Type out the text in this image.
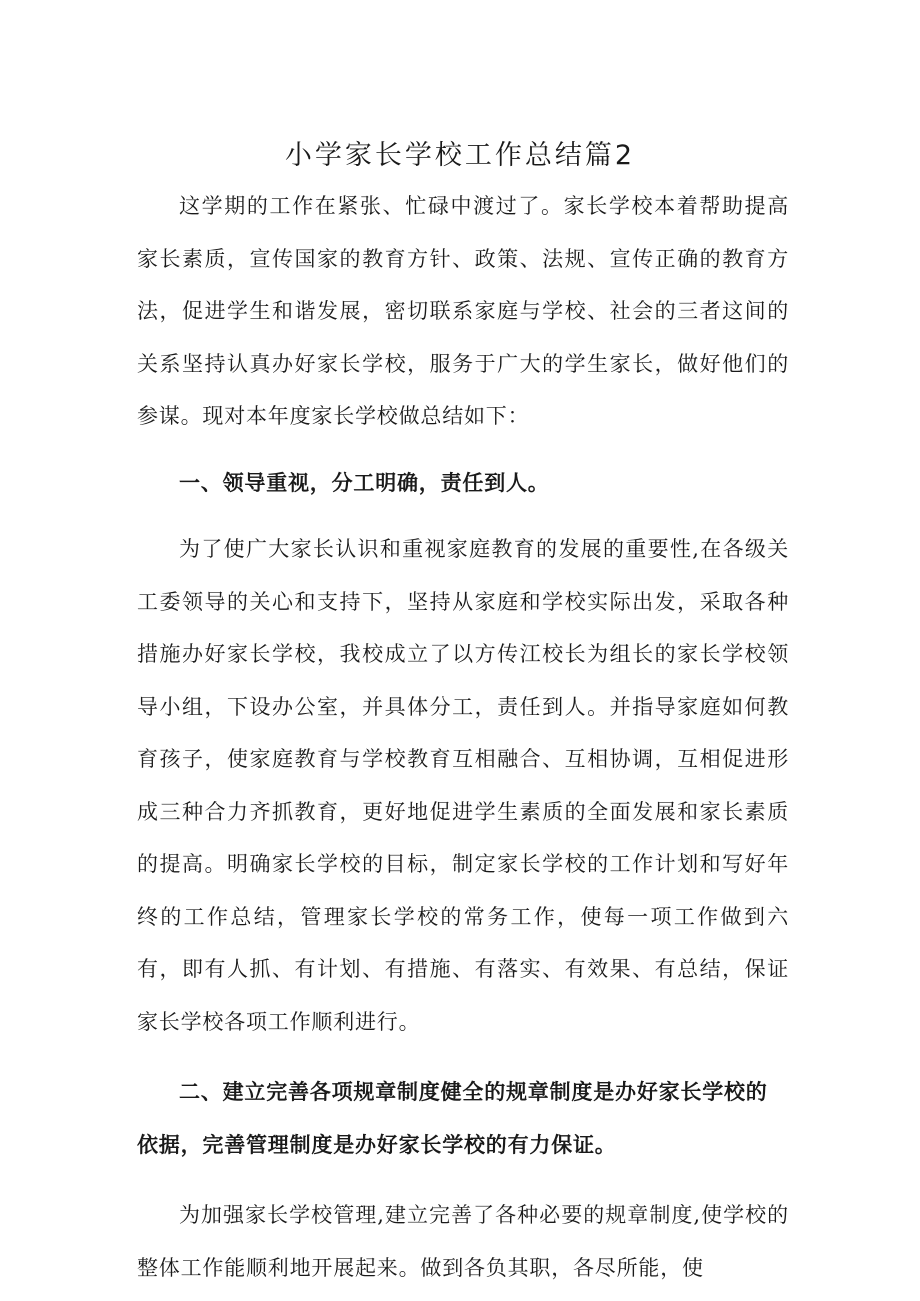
小学家长学校工作总结篇2

这学期的工作在紧张、忙碌中渡过了。家长学校本着帮助提高家长素质，宣传国家的教育方针、政策、法规、宣传正确的教育方法，促进学生和谐发展，密切联系家庭与学校、社会的三者这间的关系坚持认真办好家长学校，服务于广大的学生家长，做好他们的参谋。现对本年度家长学校做总结如下：

一、领导重视，分工明确，责任到人。

为了使广大家长认识和重视家庭教育的发展的重要性,在各级关工委领导的关心和支持下，坚持从家庭和学校实际出发，采取各种措施办好家长学校，我校成立了以方传江校长为组长的家长学校领导小组，下设办公室，并具体分工，责任到人。并指导家庭如何教育孩子，使家庭教育与学校教育互相融合、互相协调，互相促进形成三种合力齐抓教育，更好地促进学生素质的全面发展和家长素质的提高。明确家长学校的目标，制定家长学校的工作计划和写好年终的工作总结，管理家长学校的常务工作，使每一项工作做到六有，即有人抓、有计划、有措施、有落实、有效果、有总结，保证家长学校各项工作顺利进行。

二、建立完善各项规章制度健全的规章制度是办好家长学校的依据，完善管理制度是办好家长学校的有力保证。

为加强家长学校管理,建立完善了各种必要的规章制度,使学校的整体工作能顺利地开展起来。做到各负其职，各尽所能，使
